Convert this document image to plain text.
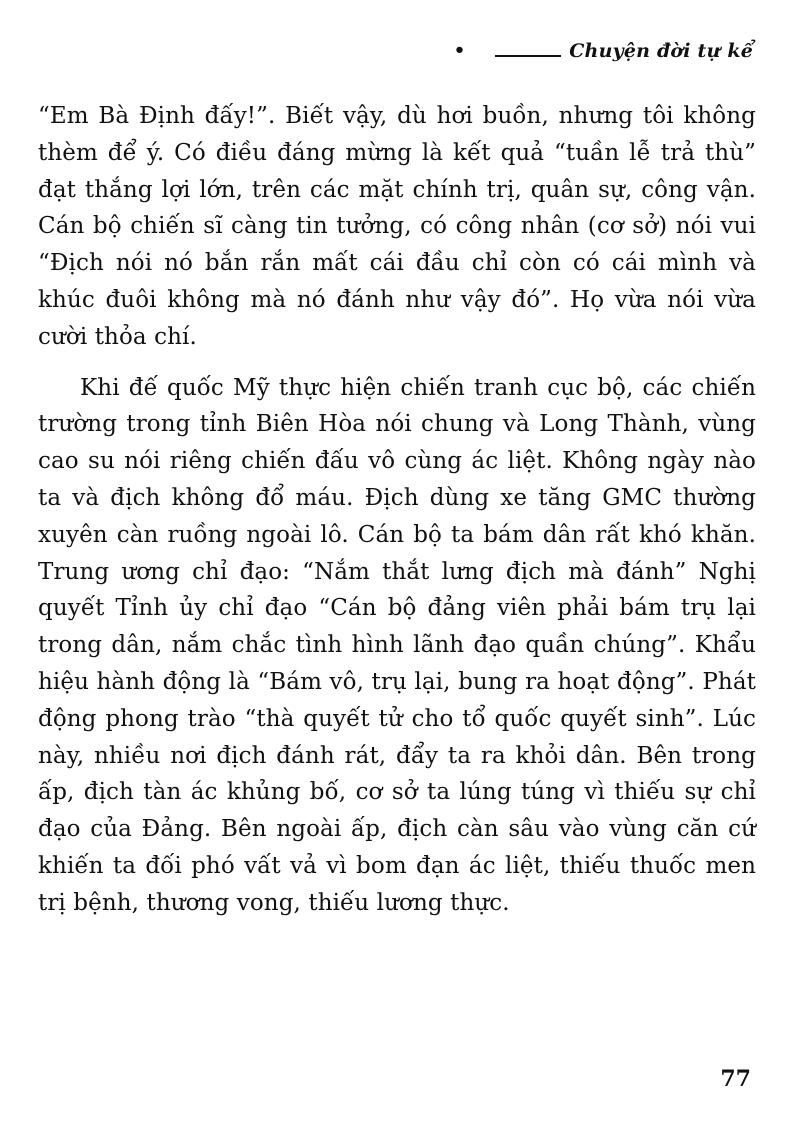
•	Chuyện đời tự kể

“Em Bà Định đấy!”. Biết vậy, dù hơi buồn, nhưng tôi không thèm để ý. Có điều đáng mừng là kết quả “tuần lễ trả thù” đạt thắng lợi lớn, trên các mặt chính trị, quân sự, công vận. Cán bộ chiến sĩ càng tin tưởng, có công nhân (cơ sở) nói vui “Địch nói nó bắn rắn mất cái đầu chỉ còn có cái mình và khúc đuôi không mà nó đánh như vậy đó”. Họ vừa nói vừa cười thỏa chí.

Khi đế quốc Mỹ thực hiện chiến tranh cục bộ, các chiến trường trong tỉnh Biên Hòa nói chung và Long Thành, vùng cao su nói riêng chiến đấu vô cùng ác liệt. Không ngày nào ta và địch không đổ máu. Địch dùng xe tăng GMC thường xuyên càn ruồng ngoài lô. Cán bộ ta bám dân rất khó khăn. Trung ương chỉ đạo: “Nắm thắt lưng địch mà đánh” Nghị quyết Tỉnh ủy chỉ đạo “Cán bộ đảng viên phải bám trụ lại trong dân, nắm chắc tình hình lãnh đạo quần chúng”. Khẩu hiệu hành động là “Bám vô, trụ lại, bung ra hoạt động”. Phát động phong trào “thà quyết tử cho tổ quốc quyết sinh”. Lúc này, nhiều nơi địch đánh rát, đẩy ta ra khỏi dân. Bên trong ấp, địch tàn ác khủng bố, cơ sở ta lúng túng vì thiếu sự chỉ đạo của Đảng. Bên ngoài ấp, địch càn sâu vào vùng căn cứ khiến ta đối phó vất vả vì bom đạn ác liệt, thiếu thuốc men trị bệnh, thương vong, thiếu lương thực.

77
